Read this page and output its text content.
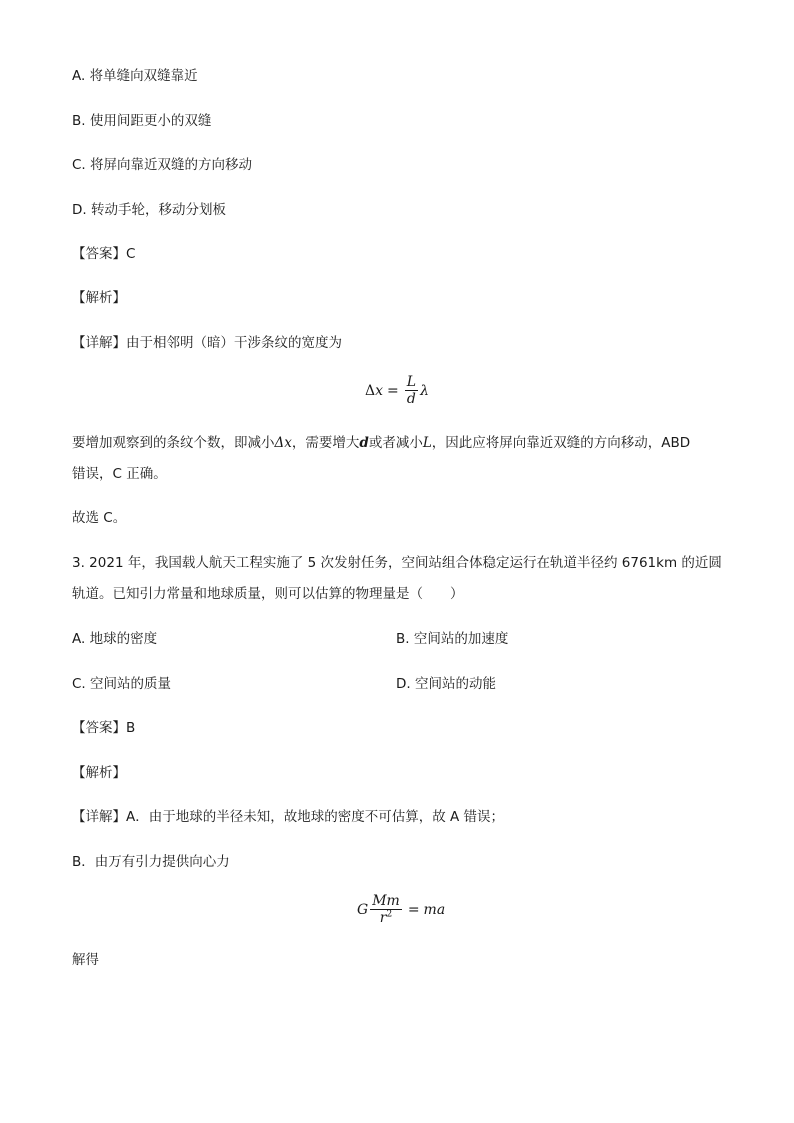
A. 将单缝向双缝靠近
B. 使用间距更小的双缝
C. 将屏向靠近双缝的方向移动
D. 转动手轮，移动分划板
【答案】C
【解析】
【详解】由于相邻明（暗）干涉条纹的宽度为
Δ $x = \frac{L}{d}$ λ
要增加观察到的条纹个数，即减小Δx，需要增大d或者减小L，因此应将屏向靠近双缝的方向移动，ABD
错误，C 正确。
故选 C。
3. 2021 年，我国载人航天工程实施了 5 次发射任务，空间站组合体稳定运行在轨道半径约 6761km 的近圆
轨道。已知引力常量和地球质量，则可以估算的物理量是（　　）
A. 地球的密度	B. 空间站的加速度
C. 空间站的质量	D. 空间站的动能
【答案】B
【解析】
【详解】A．由于地球的半径未知，故地球的密度不可估算，故 A 错误；
B．由万有引力提供向心力
G $\frac{Mm}{r^2}$ = ma
解得
